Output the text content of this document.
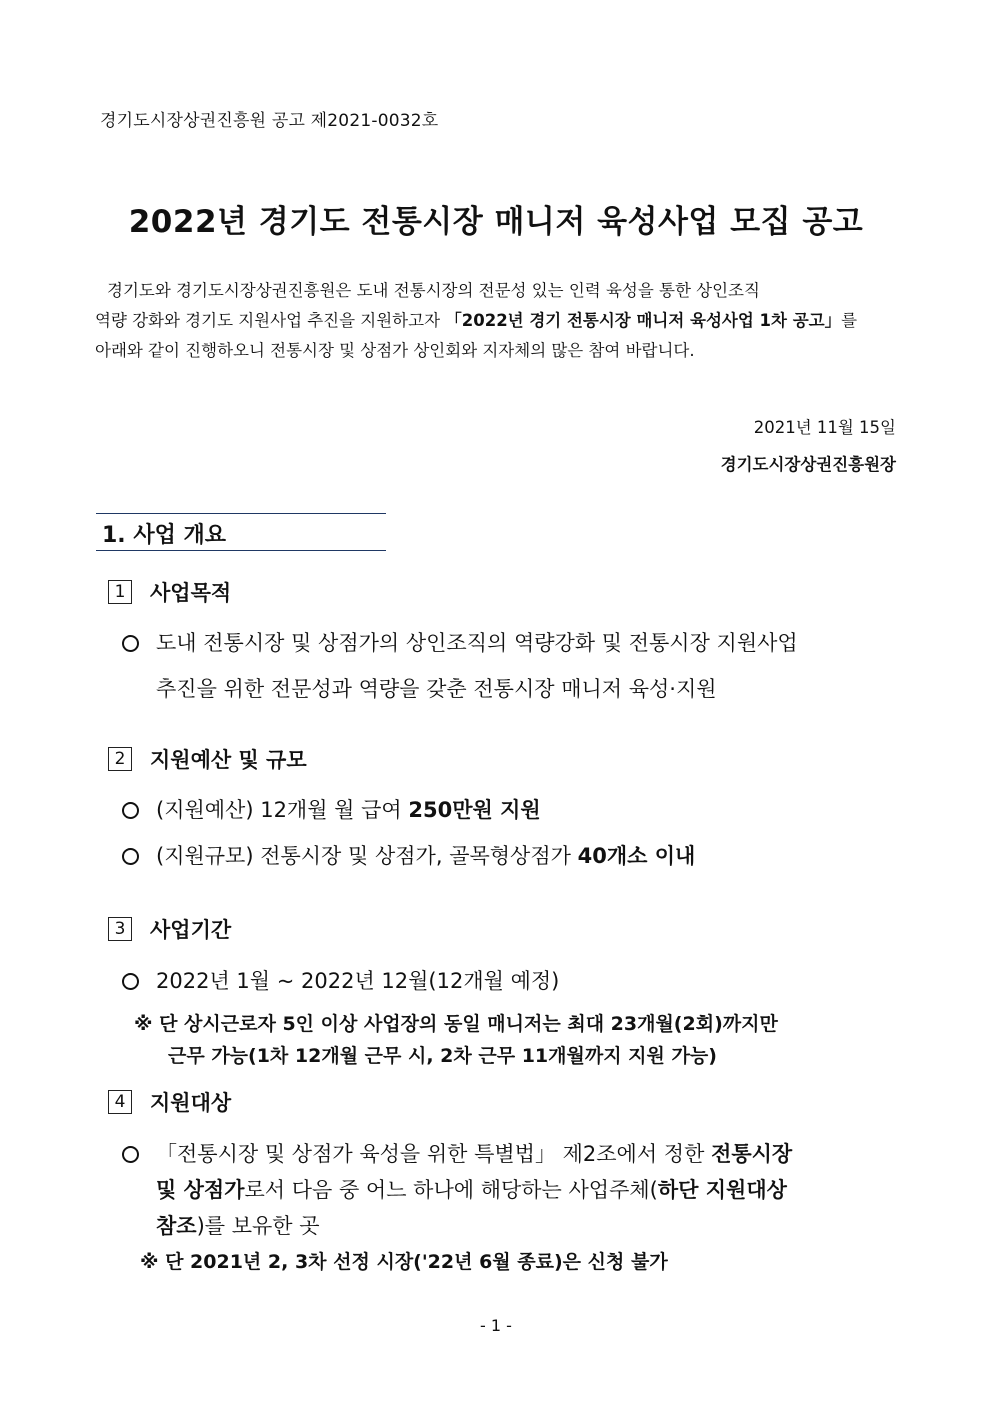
경기도시장상권진흥원 공고 제2021-0032호
2022년 경기도 전통시장 매니저 육성사업 모집 공고
경기도와 경기도시장상권진흥원은 도내 전통시장의 전문성 있는 인력 육성을 통한 상인조직
역량 강화와 경기도 지원사업 추진을 지원하고자 「2022년 경기 전통시장 매니저 육성사업 1차 공고」를
아래와 같이 진행하오니 전통시장 및 상점가 상인회와 지자체의 많은 참여 바랍니다.
2021년 11월 15일
경기도시장상권진흥원장
1. 사업 개요
1	사업목적
도내 전통시장 및 상점가의 상인조직의 역량강화 및 전통시장 지원사업
추진을 위한 전문성과 역량을 갖춘 전통시장 매니저 육성·지원
2	지원예산 및 규모
(지원예산) 12개월 월 급여 250만원 지원
(지원규모) 전통시장 및 상점가, 골목형상점가 40개소 이내
3	사업기간
2022년 1월 ~ 2022년 12월(12개월 예정)
※ 단 상시근로자 5인 이상 사업장의 동일 매니저는 최대 23개월(2회)까지만
근무 가능(1차 12개월 근무 시, 2차 근무 11개월까지 지원 가능)
4	지원대상
「전통시장 및 상점가 육성을 위한 특별법」 제2조에서 정한 전통시장
및 상점가로서 다음 중 어느 하나에 해당하는 사업주체(하단 지원대상
참조)를 보유한 곳
※ 단 2021년 2, 3차 선정 시장('22년 6월 종료)은 신청 불가
- 1 -
